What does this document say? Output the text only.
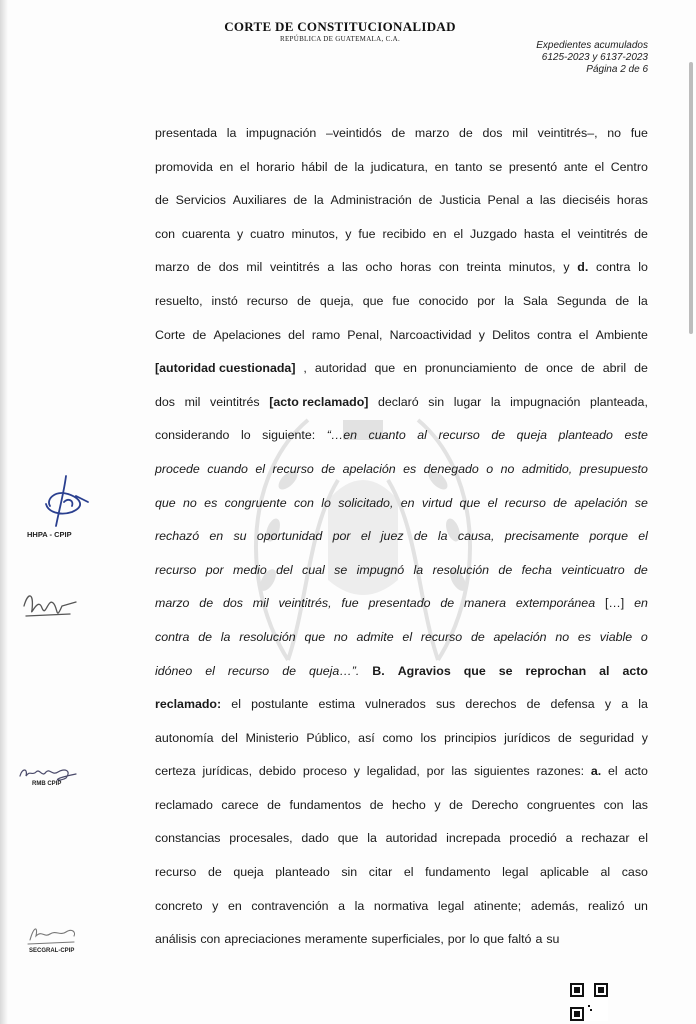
CORTE DE CONSTITUCIONALIDAD
REPÚBLICA DE GUATEMALA, C.A.
Expedientes acumulados
6125-2023 y 6137-2023
Página 2 de 6
presentada la impugnación –veintidós de marzo de dos mil veintitrés–, no fue
promovida en el horario hábil de la judicatura, en tanto se presentó ante el Centro
de Servicios Auxiliares de la Administración de Justicia Penal a las dieciséis horas
con cuarenta y cuatro minutos, y fue recibido en el Juzgado hasta el veintitrés de
marzo de dos mil veintitrés a las ocho horas con treinta minutos, y d. contra lo
resuelto, instó recurso de queja, que fue conocido por la Sala Segunda de la
Corte de Apelaciones del ramo Penal, Narcoactividad y Delitos contra el Ambiente
[autoridad cuestionada] , autoridad que en pronunciamiento de once de abril de
dos mil veintitrés [acto reclamado] declaró sin lugar la impugnación planteada,
considerando lo siguiente: “…en cuanto al recurso de queja planteado este
procede cuando el recurso de apelación es denegado o no admitido, presupuesto
que no es congruente con lo solicitado, en virtud que el recurso de apelación se
rechazó en su oportunidad por el juez de la causa, precisamente porque el
recurso por medio del cual se impugnó la resolución de fecha veinticuatro de
marzo de dos mil veintitrés, fue presentado de manera extemporánea […] en
contra de la resolución que no admite el recurso de apelación no es viable o
idóneo el recurso de queja…”. B. Agravios que se reprochan al acto
reclamado: el postulante estima vulnerados sus derechos de defensa y a la
autonomía del Ministerio Público, así como los principios jurídicos de seguridad y
certeza jurídicas, debido proceso y legalidad, por las siguientes razones: a. el acto
reclamado carece de fundamentos de hecho y de Derecho congruentes con las
constancias procesales, dado que la autoridad increpada procedió a rechazar el
recurso de queja planteado sin citar el fundamento legal aplicable al caso
concreto y en contravención a la normativa legal atinente; además, realizó un
análisis con apreciaciones meramente superficiales, por lo que faltó a su
HHPA - CPIP
RMB CPIP
SECGRAL-CPIP
